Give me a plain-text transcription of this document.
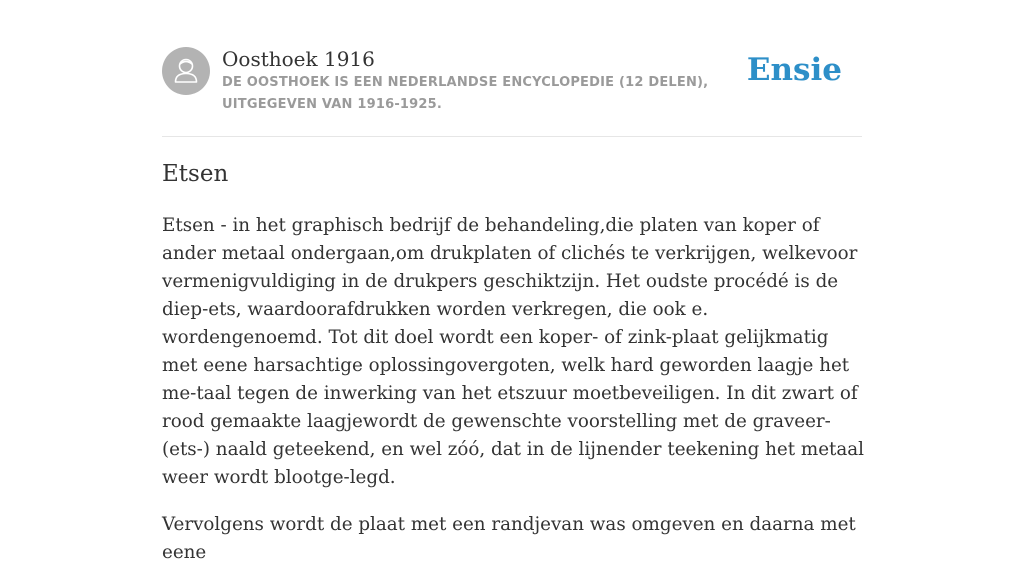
Oosthoek 1916

DE OOSTHOEK IS EEN NEDERLANDSE ENCYCLOPEDIE (12 DELEN), UITGEGEVEN VAN 1916-1925.

Ensie
Etsen

Etsen - in het graphisch bedrijf de behandeling,die platen van koper of ander metaal ondergaan,om drukplaten of clichés te verkrijgen, welkevoor vermenigvuldiging in de drukpers geschiktzijn. Het oudste procédé is de diep-ets, waardoorafdrukken worden verkregen, die ook e. wordengenoemd. Tot dit doel wordt een koper- of zink-plaat gelijkmatig met eene harsachtige oplossingovergoten, welk hard geworden laagje het me-taal tegen de inwerking van het etszuur moetbeveiligen. In dit zwart of rood gemaakte laagjewordt de gewenschte voorstelling met de graveer-(ets-) naald geteekend, en wel zóó, dat in de lijnender teekening het metaal weer wordt blootge-legd.

Vervolgens wordt de plaat met een randjevan was omgeven en daarna met eene
